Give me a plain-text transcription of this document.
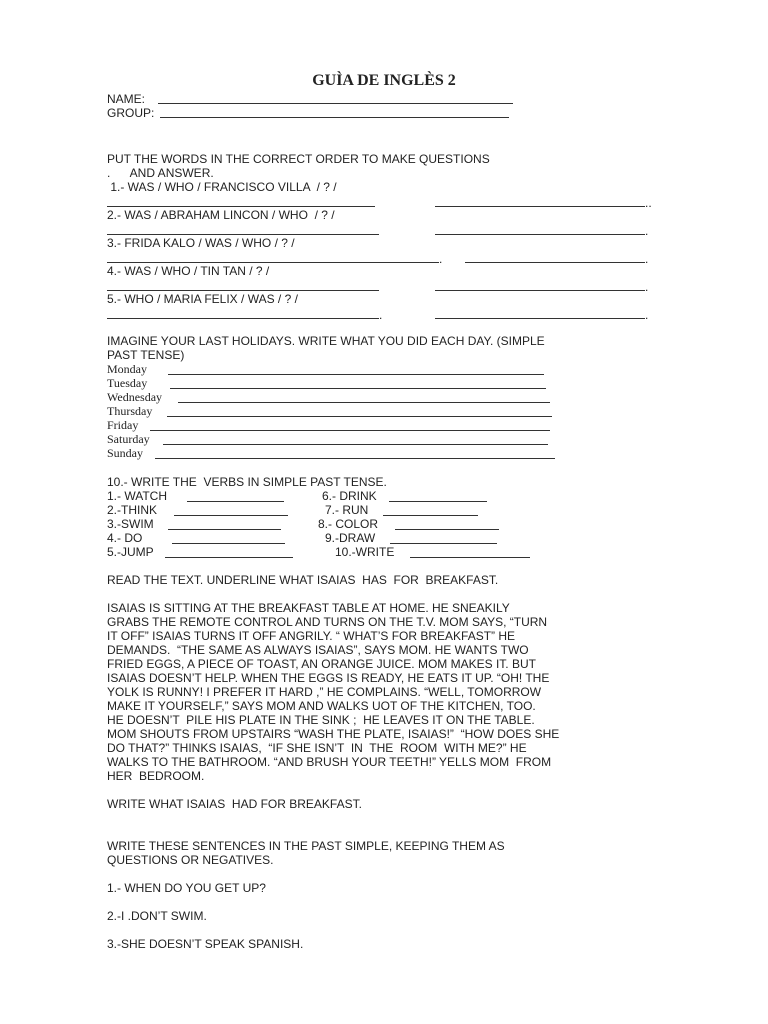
GUÌA DE INGLÈS 2
NAME:
GROUP:
PUT THE WORDS IN THE CORRECT ORDER TO MAKE QUESTIONS
.      AND ANSWER.
1.- WAS / WHO / FRANCISCO VILLA  / ? /
..
2.- WAS / ABRAHAM LINCON / WHO  / ? /
.
3.- FRIDA KALO / WAS / WHO / ? /
.	.
4.- WAS / WHO / TIN TAN / ? /
.
5.- WHO / MARIA FELIX / WAS / ? /
.	.
IMAGINE YOUR LAST HOLIDAYS. WRITE WHAT YOU DID EACH DAY. (SIMPLE
PAST TENSE)
Monday
Tuesday
Wednesday
Thursday
Friday
Saturday
Sunday
10.- WRITE THE  VERBS IN SIMPLE PAST TENSE.
1.- WATCH	6.- DRINK
2.-THINK	7.- RUN
3.-SWIM	8.- COLOR
4.- DO	9.-DRAW
5.-JUMP	10.-WRITE
READ THE TEXT. UNDERLINE WHAT ISAIAS  HAS  FOR  BREAKFAST.
ISAIAS IS SITTING AT THE BREAKFAST TABLE AT HOME. HE SNEAKILY
GRABS THE REMOTE CONTROL AND TURNS ON THE T.V. MOM SAYS, “TURN
IT OFF” ISAIAS TURNS IT OFF ANGRILY. “ WHAT’S FOR BREAKFAST” HE
DEMANDS.  “THE SAME AS ALWAYS ISAIAS”, SAYS MOM. HE WANTS TWO
FRIED EGGS, A PIECE OF TOAST, AN ORANGE JUICE. MOM MAKES IT. BUT
ISAIAS DOESN’T HELP. WHEN THE EGGS IS READY, HE EATS IT UP. “OH! THE
YOLK IS RUNNY! I PREFER IT HARD ,” HE COMPLAINS. “WELL, TOMORROW
MAKE IT YOURSELF,” SAYS MOM AND WALKS UOT OF THE KITCHEN, TOO.
HE DOESN’T  PILE HIS PLATE IN THE SINK ;  HE LEAVES IT ON THE TABLE.
MOM SHOUTS FROM UPSTAIRS “WASH THE PLATE, ISAIAS!”  “HOW DOES SHE
DO THAT?” THINKS ISAIAS,  “IF SHE ISN’T  IN  THE  ROOM  WITH ME?” HE
WALKS TO THE BATHROOM. “AND BRUSH YOUR TEETH!” YELLS MOM  FROM
HER  BEDROOM.
WRITE WHAT ISAIAS  HAD FOR BREAKFAST.
WRITE THESE SENTENCES IN THE PAST SIMPLE, KEEPING THEM AS
QUESTIONS OR NEGATIVES.
1.- WHEN DO YOU GET UP?
2.-I .DON’T SWIM.
3.-SHE DOESN’T SPEAK SPANISH.
